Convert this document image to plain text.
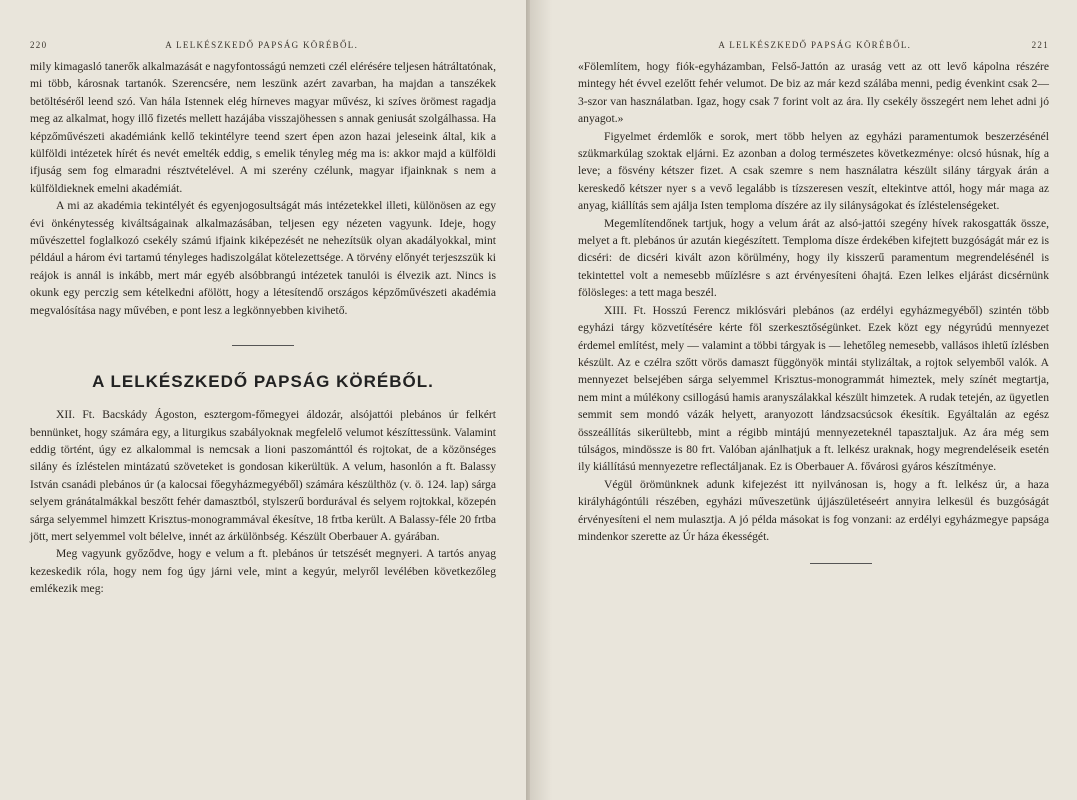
220	A LELKÉSZKEDŐ PAPSÁG KÖRÉBŐL.

mily kimagasló tanerők alkalmazását e nagyfontosságú nemzeti czél elérésére teljesen hátráltatónak, mi több, károsnak tartanók. Szerencsére, nem leszünk azért zavarban, ha majdan a tanszékek betöltéséről leend szó. Van hála Istennek elég hírneves magyar művész, ki szíves örömest ragadja meg az alkalmat, hogy illő fizetés mellett hazájába visszajöhessen s annak geniusát szolgálhassa. Ha képzőművészeti akadémiánk kellő tekintélyre teend szert épen azon hazai jeleseink által, kik a külföldi intézetek hírét és nevét emelték eddig, s emelik tényleg még ma is: akkor majd a külföldi ifjuság sem fog elmaradni résztvételével. A mi szerény czélunk, magyar ifjainknak s nem a külföldieknek emelni akadémiát.

A mi az akadémia tekintélyét és egyenjogosultságát más intézetekkel illeti, különösen az egy évi önkénytesség kiváltságainak alkalmazásában, teljesen egy nézeten vagyunk. Ideje, hogy művészettel foglalkozó csekély számú ifjaink kiképezését ne nehezítsük olyan akadályokkal, mint például a három évi tartamú tényleges hadiszolgálat kötelezettsége. A törvény előnyét terjeszszük ki reájok is annál is inkább, mert már egyéb alsóbbrangú intézetek tanulói is élvezik azt. Nincs is okunk egy perczig sem kételkedni afölött, hogy a létesítendő országos képzőművészeti akadémia megvalósítása nagy művében, e pont lesz a legkönnyebben kivihető.

A LELKÉSZKEDŐ PAPSÁG KÖRÉBŐL.

XII. Ft. Bacskády Ágoston, esztergom-főmegyei áldozár, alsójattói plebános úr felkért bennünket, hogy számára egy, a liturgikus szabályoknak megfelelő velumot készíttessünk. Valamint eddig történt, úgy ez alkalommal is nemcsak a lioni paszománttól és rojtokat, de a közönséges silány és ízléstelen mintázatú szöveteket is gondosan kikerültük. A velum, hasonlón a ft. Balassy István csanádi plebános úr (a kalocsai főegyházmegyéből) számára készülthöz (v. ö. 124. lap) sárga selyem gránátalmákkal beszőtt fehér damasztból, stylszerű bordurával és selyem rojtokkal, közepén sárga selyemmel himzett Krisztus-monogrammával ékesítve, 18 frtba került. A Balassy-féle 20 frtba jött, mert selyemmel volt bélelve, innét az árkülönbség. Készült Oberbauer A. gyárában.

Meg vagyunk győződve, hogy e velum a ft. plebános úr tetszését megnyeri. A tartós anyag kezeskedik róla, hogy nem fog úgy járni vele, mint a kegyúr, melyről levélében következőleg emlékezik meg:

A LELKÉSZKEDŐ PAPSÁG KÖRÉBŐL.	221

«Fölemlítem, hogy fiók-egyházamban, Felső-Jattón az uraság vett az ott levő kápolna részére mintegy hét évvel ezelőtt fehér velumot. De biz az már kezd szálába menni, pedig évenkint csak 2—3-szor van használatban. Igaz, hogy csak 7 forint volt az ára. Ily csekély összegért nem lehet adni jó anyagot.»

Figyelmet érdemlők e sorok, mert több helyen az egyházi paramentumok beszerzésénél szükmarkúlag szoktak eljárni. Ez azonban a dolog természetes következménye: olcsó húsnak, híg a leve; a fösvény kétszer fizet. A csak szemre s nem használatra készült silány tárgyak árán a kereskedő kétszer nyer s a vevő legalább is tízszeresen veszít, eltekintve attól, hogy már maga az anyag, kiállítás sem ajálja Isten temploma díszére az ily silányságokat és ízléstelenségeket.

Megemlítendőnek tartjuk, hogy a velum árát az alsó-jattói szegény hívek rakosgatták össze, melyet a ft. plebános úr azután kiegészített. Temploma dísze érdekében kifejtett buzgóságát már ez is dicséri: de dicséri kivált azon körülmény, hogy ily kisszerű paramentum megrendelésénél is tekintettel volt a nemesebb műízlésre s azt érvényesíteni óhajtá. Ezen lelkes eljárást dicsérnünk fölösleges: a tett maga beszél.

XIII. Ft. Hosszú Ferencz miklósvári plebános (az erdélyi egyházmegyéből) szintén több egyházi tárgy közvetítésére kérte föl szerkesztőségünket. Ezek közt egy négyrúdú mennyezet érdemel említést, mely — valamint a többi tárgyak is — lehetőleg nemesebb, vallásos ihletű ízlésben készült. Az e czélra szőtt vörös damaszt függönyök mintái stylizáltak, a rojtok selyemből valók. A mennyezet belsejében sárga selyemmel Krisztus-monogrammát himeztek, mely színét megtartja, nem mint a múlékony csillogású hamis aranyszálakkal készült himzetek. A rudak tetején, az ügyetlen semmit sem mondó vázák helyett, aranyozott lándzsacsúcsok ékesítik. Egyáltalán az egész összeállítás sikerültebb, mint a régibb mintájú mennyezeteknél tapasztaljuk. Az ára még sem túlságos, mindössze is 80 frt. Valóban ajánlhatjuk a ft. lelkész uraknak, hogy megrendeléseik esetén ily kiállítású mennyezetre reflectáljanak. Ez is Oberbauer A. fővárosi gyáros készítménye.

Végül örömünknek adunk kifejezést itt nyilvánosan is, hogy a ft. lelkész úr, a haza királyhágóntúli részében, egyházi műveszetünk újjászületéseért annyira lelkesül és buzgóságát érvényesíteni el nem mulasztja. A jó példa másokat is fog vonzani: az erdélyi egyházmegye papsága mindenkor szerette az Úr háza ékességét.
